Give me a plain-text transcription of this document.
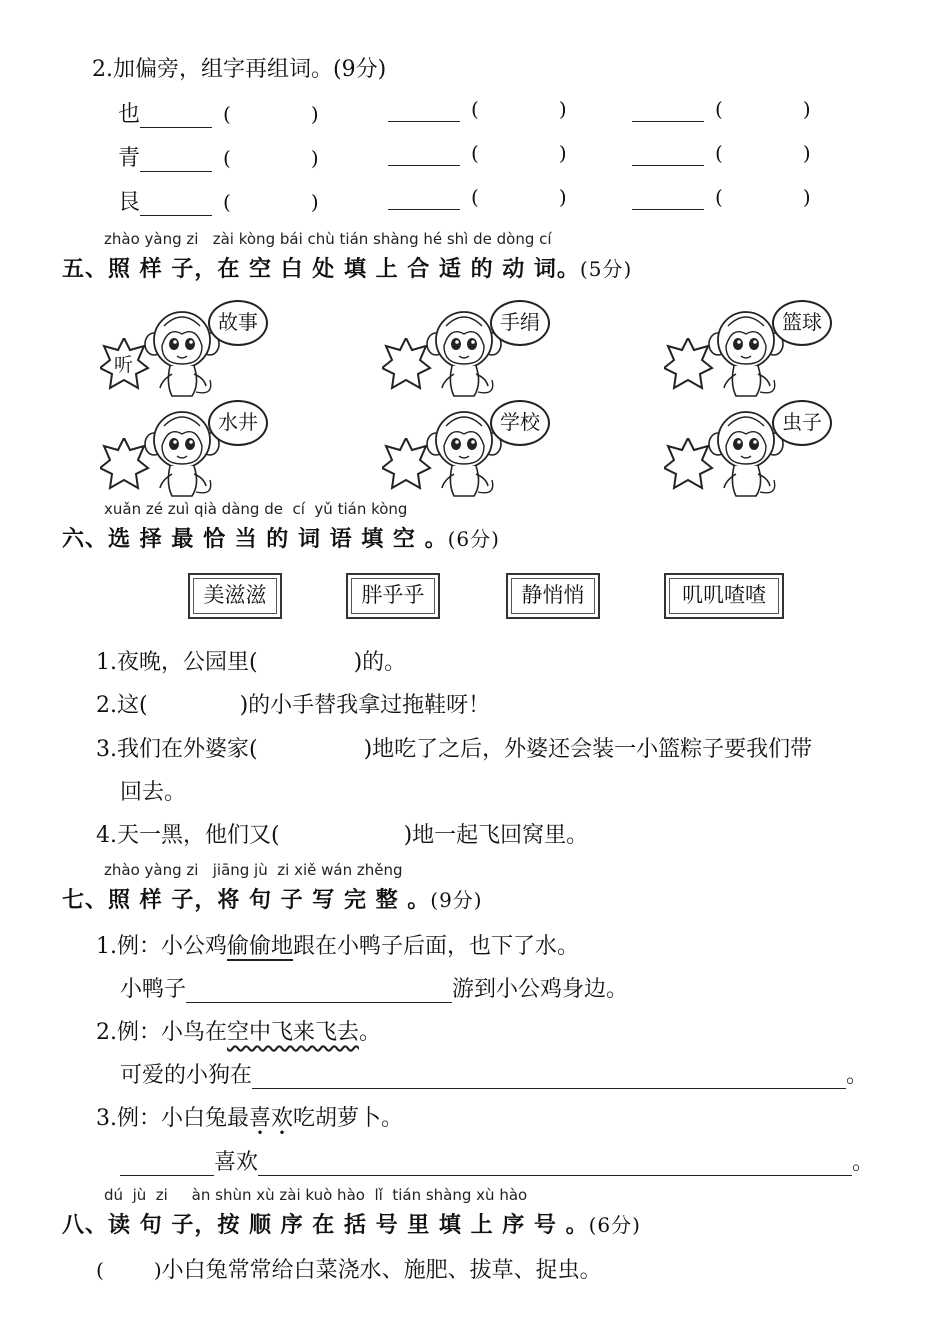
2.加偏旁，组字再组词。(9分)
也	(	)	(	)	(	)
青	(	)	(	)	(	)
艮	(	)	(	)	(	)
zhào yàng zi   zài kòng bái chù tián shàng hé shì de dòng cí
五、照 样 子，在 空 白 处 填 上 合 适 的 动 词。(5分)
听
故事	手绢	篮球
水井	学校	虫子
xuǎn zé zuì qià dàng de  cí  yǔ tián kòng
六、选 择 最 恰 当 的 词 语 填 空 。(6分)
美滋滋	胖乎乎	静悄悄	叽叽喳喳
1.夜晚，公园里(	)的。
2.这(	)的小手替我拿过拖鞋呀！
3.我们在外婆家(	)地吃了之后，外婆还会装一小篮粽子要我们带
回去。
4.天一黑，他们又(	)地一起飞回窝里。
zhào yàng zi   jiāng jù  zi xiě wán zhěng
七、照 样 子，将 句 子 写 完 整 。(9分)
1.例：小公鸡偷偷地跟在小鸭子后面，也下了水。
小鸭子	游到小公鸡身边。
2.例：小鸟在空中飞来飞去。
可爱的小狗在	。
3.例：小白兔最喜欢吃胡萝卜。
喜欢	。
dú  jù  zi     àn shùn xù zài kuò hào  lǐ  tián shàng xù hào
八、读 句 子，按 顺 序 在 括 号 里 填 上 序 号 。(6分)
(	)小白兔常常给白菜浇水、施肥、拔草、捉虫。
